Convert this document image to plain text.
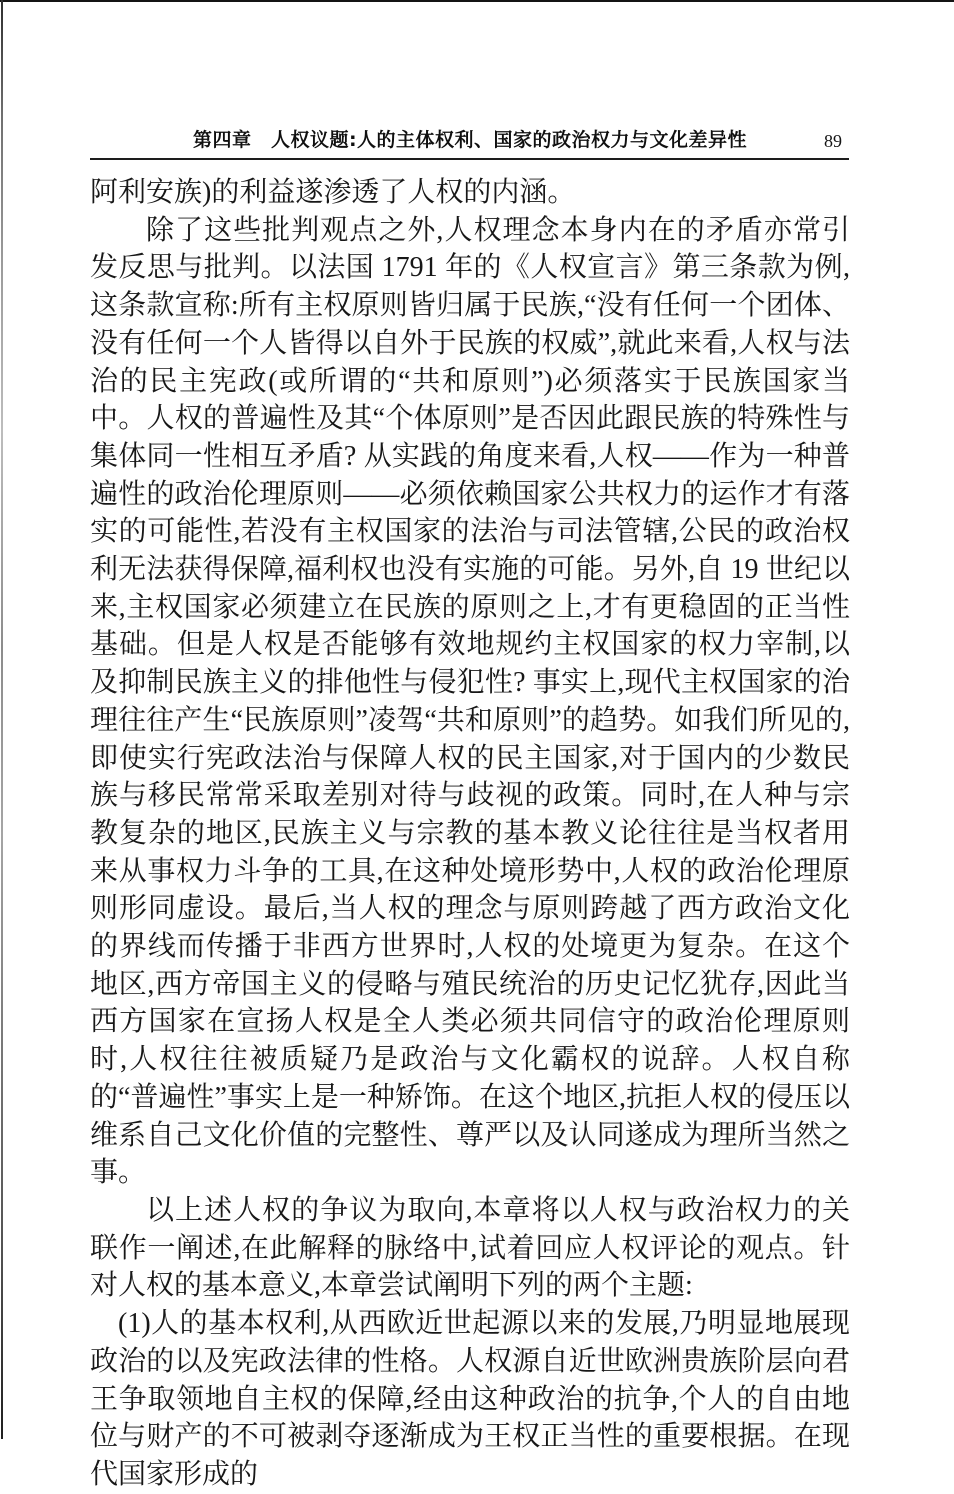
第四章　人权议题:人的主体权利、国家的政治权力与文化差异性	89

阿利安族)的利益遂渗透了人权的内涵。

除了这些批判观点之外,人权理念本身内在的矛盾亦常引发反思与批判。以法国 1791 年的《人权宣言》第三条款为例,这条款宣称:所有主权原则皆归属于民族,“没有任何一个团体、没有任何一个人皆得以自外于民族的权威”,就此来看,人权与法治的民主宪政(或所谓的“共和原则”)必须落实于民族国家当中。人权的普遍性及其“个体原则”是否因此跟民族的特殊性与集体同一性相互矛盾? 从实践的角度来看,人权——作为一种普遍性的政治伦理原则——必须依赖国家公共权力的运作才有落实的可能性,若没有主权国家的法治与司法管辖,公民的政治权利无法获得保障,福利权也没有实施的可能。另外,自 19 世纪以来,主权国家必须建立在民族的原则之上,才有更稳固的正当性基础。但是人权是否能够有效地规约主权国家的权力宰制,以及抑制民族主义的排他性与侵犯性? 事实上,现代主权国家的治理往往产生“民族原则”凌驾“共和原则”的趋势。如我们所见的,即使实行宪政法治与保障人权的民主国家,对于国内的少数民族与移民常常采取差别对待与歧视的政策。同时,在人种与宗教复杂的地区,民族主义与宗教的基本教义论往往是当权者用来从事权力斗争的工具,在这种处境形势中,人权的政治伦理原则形同虚设。最后,当人权的理念与原则跨越了西方政治文化的界线而传播于非西方世界时,人权的处境更为复杂。在这个地区,西方帝国主义的侵略与殖民统治的历史记忆犹存,因此当西方国家在宣扬人权是全人类必须共同信守的政治伦理原则时,人权往往被质疑乃是政治与文化霸权的说辞。人权自称的“普遍性”事实上是一种矫饰。在这个地区,抗拒人权的侵压以维系自己文化价值的完整性、尊严以及认同遂成为理所当然之事。

以上述人权的争议为取向,本章将以人权与政治权力的关联作一阐述,在此解释的脉络中,试着回应人权评论的观点。针对人权的基本意义,本章尝试阐明下列的两个主题:

(1)人的基本权利,从西欧近世起源以来的发展,乃明显地展现政治的以及宪政法律的性格。人权源自近世欧洲贵族阶层向君王争取领地自主权的保障,经由这种政治的抗争,个人的自由地位与财产的不可被剥夺逐渐成为王权正当性的重要根据。在现代国家形成的
